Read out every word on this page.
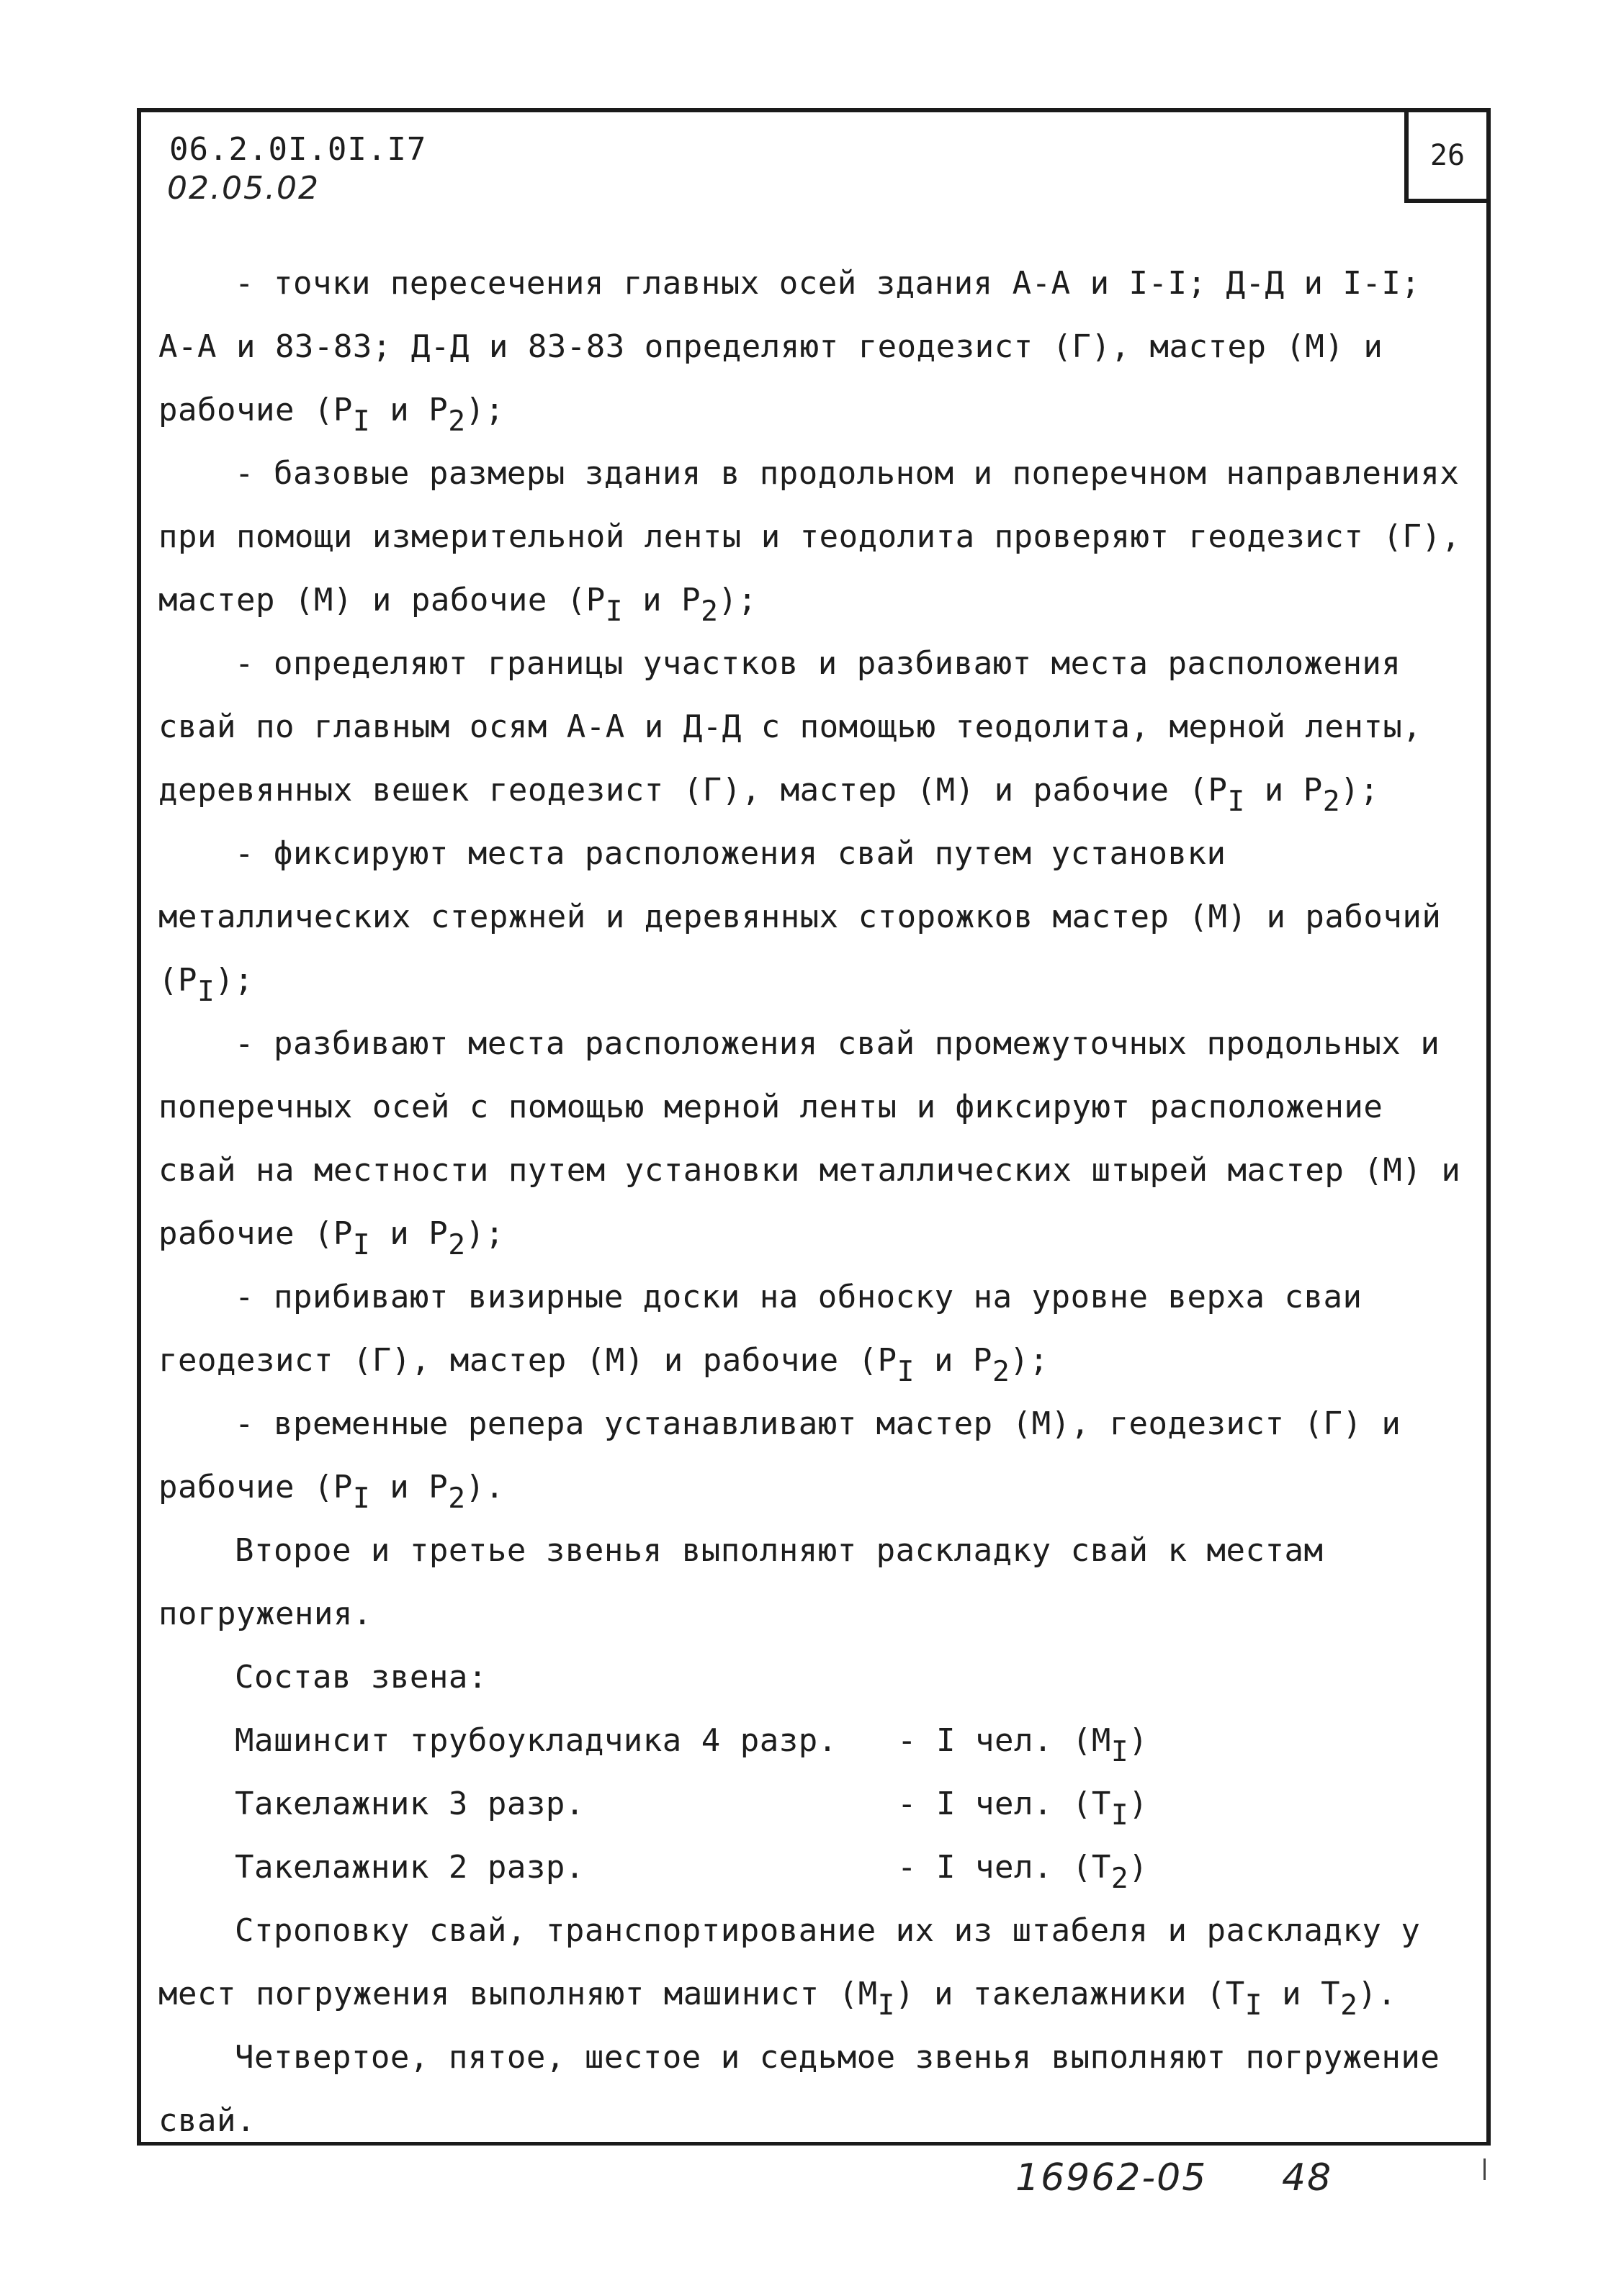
26
06.2.0I.0I.I7
02.05.02

- точки пересечения главных осей здания А-А и I-I; Д-Д и I-I; А-А и 83-83; Д-Д и 83-83 определяют геодезист (Г), мастер (М) и рабочие ($Р_I$ и $Р_2$);

- базовые размеры здания в продольном и поперечном направлениях при помощи измерительной ленты и теодолита проверяют геодезист (Г), мастер (М) и рабочие ($Р_I$ и $Р_2$);

- определяют границы участков и разбивают места расположения свай по главным осям А-А и Д-Д с помощью теодолита, мерной ленты, деревянных вешек геодезист (Г), мастер (М) и рабочие ($Р_I$ и $Р_2$);

- фиксируют места расположения свай путем установки металлических стержней и деревянных сторожков мастер (М) и рабочий $(Р_I)$;

- разбивают места расположения свай промежуточных продольных и поперечных осей с помощью мерной ленты и фиксируют расположение свай на местности путем установки металлических штырей мастер (М) и рабочие ($Р_I$ и $Р_2$);

- прибивают визирные доски на обноску на уровне верха сваи геодезист (Г), мастер (М) и рабочие ($Р_I$ и $Р_2$);

- временные репера устанавливают мастер (М), геодезист (Г) и рабочие ($Р_I$ и $Р_2$).

Второе и третье звенья выполняют раскладку свай к местам погружения.

Состав звена:

Машинсит трубоукладчика 4 разр.	- I чел. $(М_I)$
Такелажник 3 разр.	- I чел. $(Т_I)$
Такелажник 2 разр.	- I чел. $(Т_2)$

Строповку свай, транспортирование их из штабеля и раскладку у мест погружения выполняют машинист $(М_I)$ и такелажники ($Т_I$ и $Т_2$).

Четвертое, пятое, шестое и седьмое звенья выполняют погружение свай.

16962-05 48
